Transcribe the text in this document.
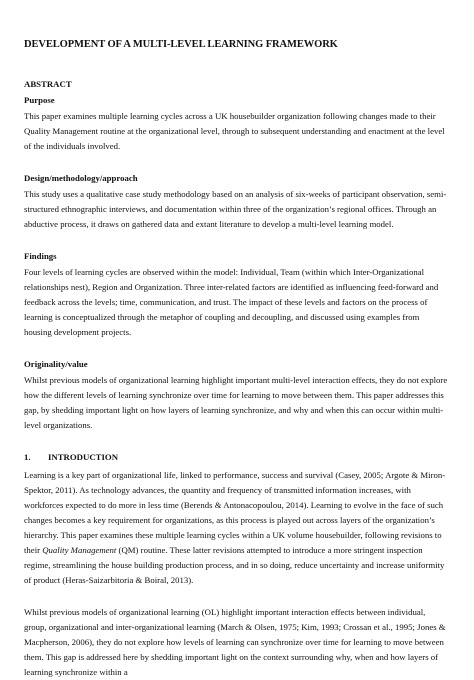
DEVELOPMENT OF A MULTI-LEVEL LEARNING FRAMEWORK
ABSTRACT
Purpose

This paper examines multiple learning cycles across a UK housebuilder organization following changes made to their Quality Management routine at the organizational level, through to subsequent understanding and enactment at the level of the individuals involved.

Design/methodology/approach

This study uses a qualitative case study methodology based on an analysis of six-weeks of participant observation, semi-structured ethnographic interviews, and documentation within three of the organization’s regional offices. Through an abductive process, it draws on gathered data and extant literature to develop a multi-level learning model.

Findings

Four levels of learning cycles are observed within the model: Individual, Team (within which Inter-Organizational relationships nest), Region and Organization. Three inter-related factors are identified as influencing feed-forward and feedback across the levels; time, communication, and trust. The impact of these levels and factors on the process of learning is conceptualized through the metaphor of coupling and decoupling, and discussed using examples from housing development projects.

Originality/value

Whilst previous models of organizational learning highlight important multi-level interaction effects, they do not explore how the different levels of learning synchronize over time for learning to move between them. This paper addresses this gap, by shedding important light on how layers of learning synchronize, and why and when this can occur within multi-level organizations.

1.	INTRODUCTION

Learning is a key part of organizational life, linked to performance, success and survival (Casey, 2005; Argote & Miron-Spektor, 2011). As technology advances, the quantity and frequency of transmitted information increases, with workforces expected to do more in less time (Berends & Antonacopoulou, 2014). Learning to evolve in the face of such changes becomes a key requirement for organizations, as this process is played out across layers of the organization’s hierarchy. This paper examines these multiple learning cycles within a UK volume housebuilder, following revisions to their Quality Management (QM) routine. These latter revisions attempted to introduce a more stringent inspection regime, streamlining the house building production process, and in so doing, reduce uncertainty and increase uniformity of product (Heras-Saizarbitoria & Boiral, 2013).

Whilst previous models of organizational learning (OL) highlight important interaction effects between individual, group, organizational and inter-organizational learning (March & Olsen, 1975; Kim, 1993; Crossan et al., 1995; Jones & Macpherson, 2006), they do not explore how levels of learning can synchronize over time for learning to move between them. This gap is addressed here by shedding important light on the context surrounding why, when and how layers of learning synchronize within a
